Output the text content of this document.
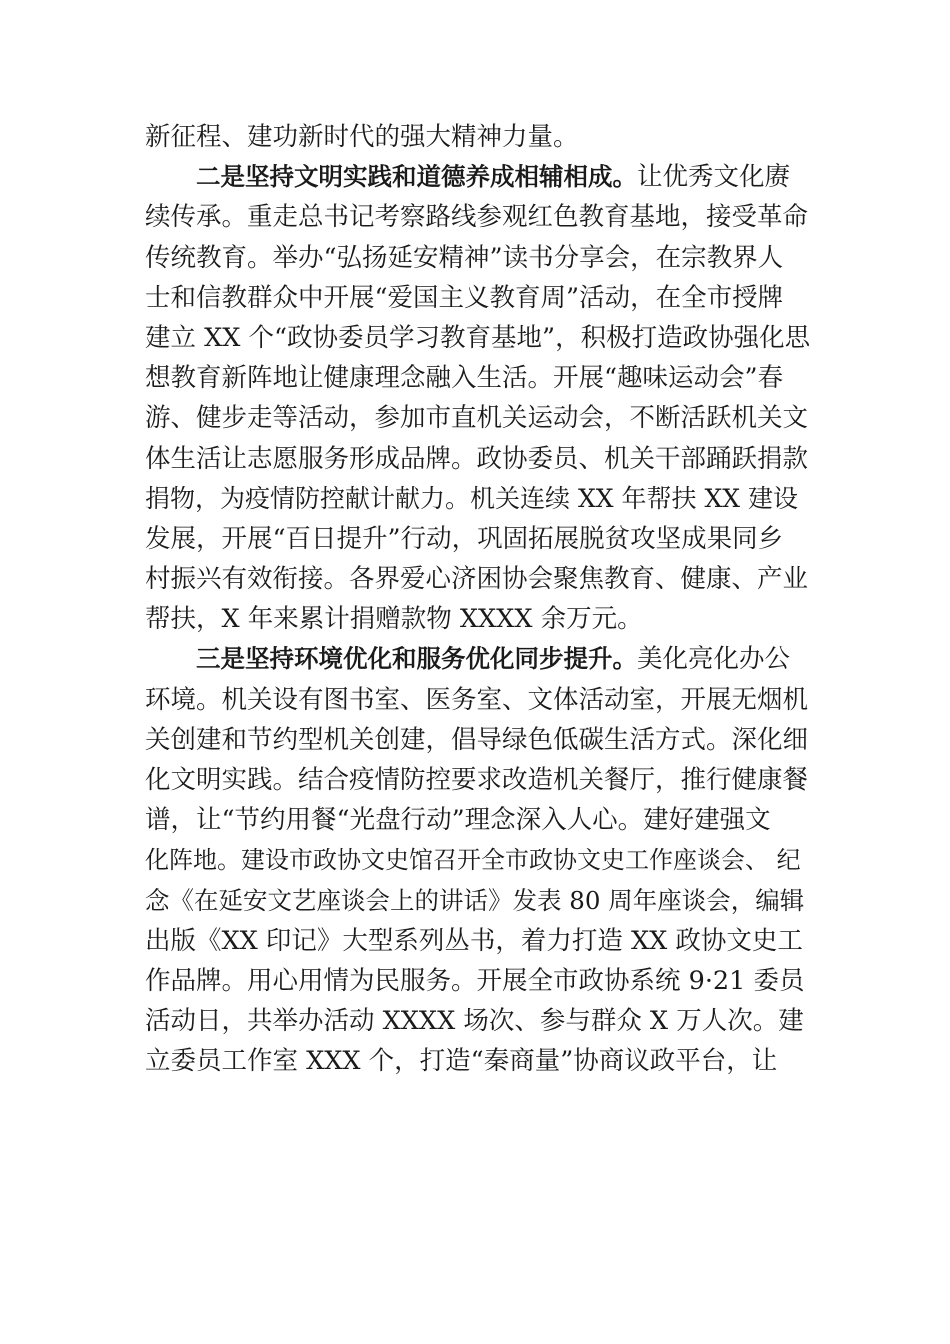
新征程、建功新时代的强大精神力量。
二是坚持文明实践和道德养成相辅相成。让优秀文化赓
续传承。重走总书记考察路线参观红色教育基地，接受革命
传统教育。举办“弘扬延安精神”读书分享会，在宗教界人
士和信教群众中开展“爱国主义教育周”活动，在全市授牌
建立 XX 个“政协委员学习教育基地”，积极打造政协强化思
想教育新阵地让健康理念融入生活。开展“趣味运动会”春
游、健步走等活动，参加市直机关运动会，不断活跃机关文
体生活让志愿服务形成品牌。政协委员、机关干部踊跃捐款
捐物，为疫情防控献计献力。机关连续 XX 年帮扶 XX 建设
发展，开展“百日提升”行动，巩固拓展脱贫攻坚成果同乡
村振兴有效衔接。各界爱心济困协会聚焦教育、健康、产业
帮扶，X 年来累计捐赠款物 XXXX 余万元。
三是坚持环境优化和服务优化同步提升。美化亮化办公
环境。机关设有图书室、医务室、文体活动室，开展无烟机
关创建和节约型机关创建，倡导绿色低碳生活方式。深化细
化文明实践。结合疫情防控要求改造机关餐厅，推行健康餐
谱，让“节约用餐“光盘行动”理念深入人心。建好建强文
化阵地。建设市政协文史馆召开全市政协文史工作座谈会、 纪
念《在延安文艺座谈会上的讲话》发表 80 周年座谈会，编辑
出版《XX 印记》大型系列丛书，着力打造 XX 政协文史工
作品牌。用心用情为民服务。开展全市政协系统 9·21 委员
活动日，共举办活动 XXXX 场次、参与群众 X 万人次。建
立委员工作室 XXX 个，打造“秦商量”协商议政平台，让
